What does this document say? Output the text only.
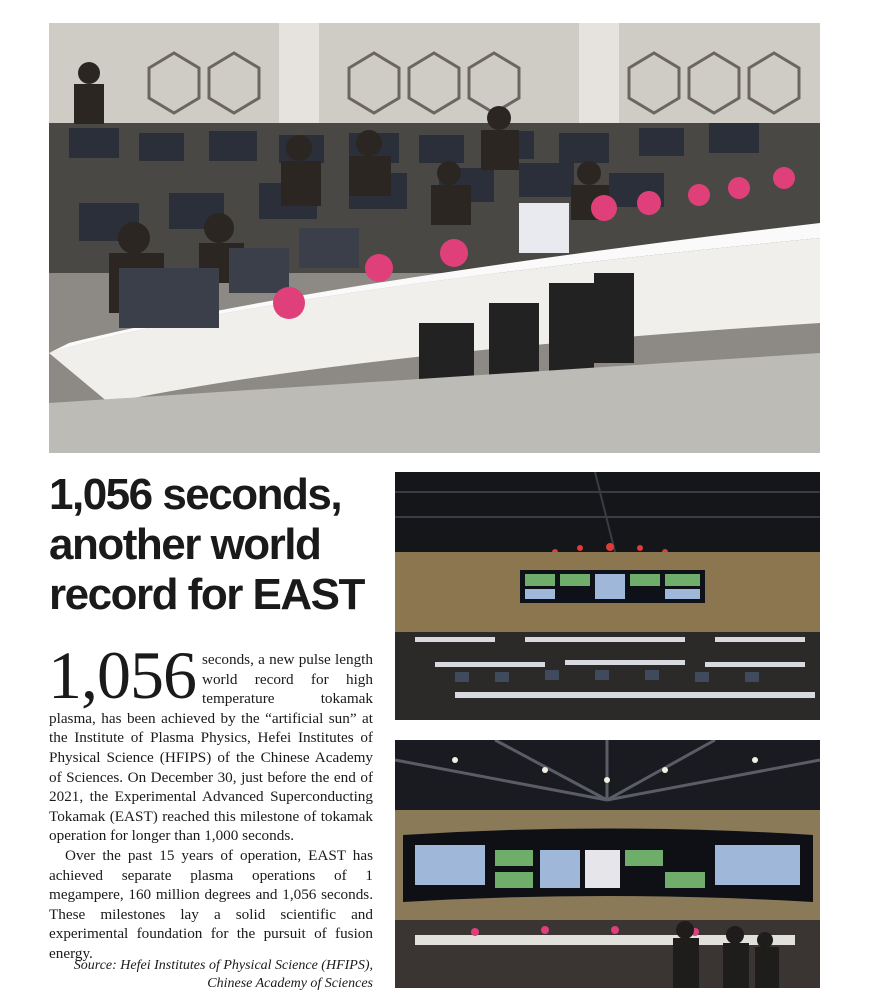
1,056 seconds,
another world
record for EAST

1,056 seconds, a new pulse length world record for high temperature tokamak plasma, has been achieved by the “artificial sun” at the Institute of Plasma Physics, Hefei Institutes of Physical Science (HFIPS) of the Chinese Academy of Sciences. On December 30, just before the end of 2021, the Experimental Advanced Superconducting Tokamak (EAST) reached this milestone of tokamak operation for longer than 1,000 seconds.

Over the past 15 years of operation, EAST has achieved separate plasma operations of 1 megampere, 160 million degrees and 1,056 seconds. These milestones lay a solid scientific and experimental foundation for the pursuit of fusion energy.

Source: Hefei Institutes of Physical Science (HFIPS),
Chinese Academy of Sciences
